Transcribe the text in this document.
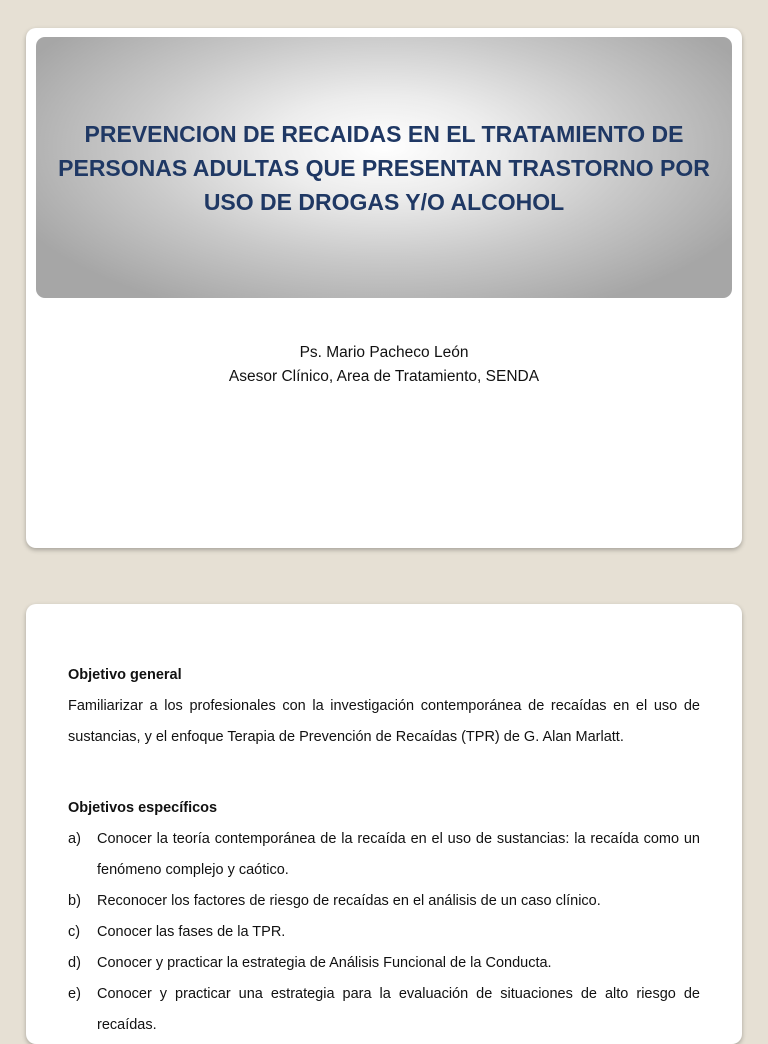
PREVENCION DE RECAIDAS EN EL TRATAMIENTO DE
PERSONAS ADULTAS QUE PRESENTAN TRASTORNO POR
USO DE DROGAS Y/O ALCOHOL
Ps. Mario Pacheco León
Asesor Clínico, Area de Tratamiento, SENDA

Objetivo general

Familiarizar a los profesionales con la investigación contemporánea de recaídas en el uso de sustancias, y el enfoque Terapia de Prevención de Recaídas (TPR) de G. Alan Marlatt.

Objetivos específicos

a)	Conocer la teoría contemporánea de la recaída en el uso de sustancias: la recaída como un fenómeno complejo y caótico.
b)	Reconocer los factores de riesgo de recaídas en el análisis de un caso clínico.
c)	Conocer las fases de la TPR.
d)	Conocer y practicar la estrategia de Análisis Funcional de la Conducta.
e)	Conocer y practicar una estrategia para la evaluación de situaciones de alto riesgo de recaídas.
